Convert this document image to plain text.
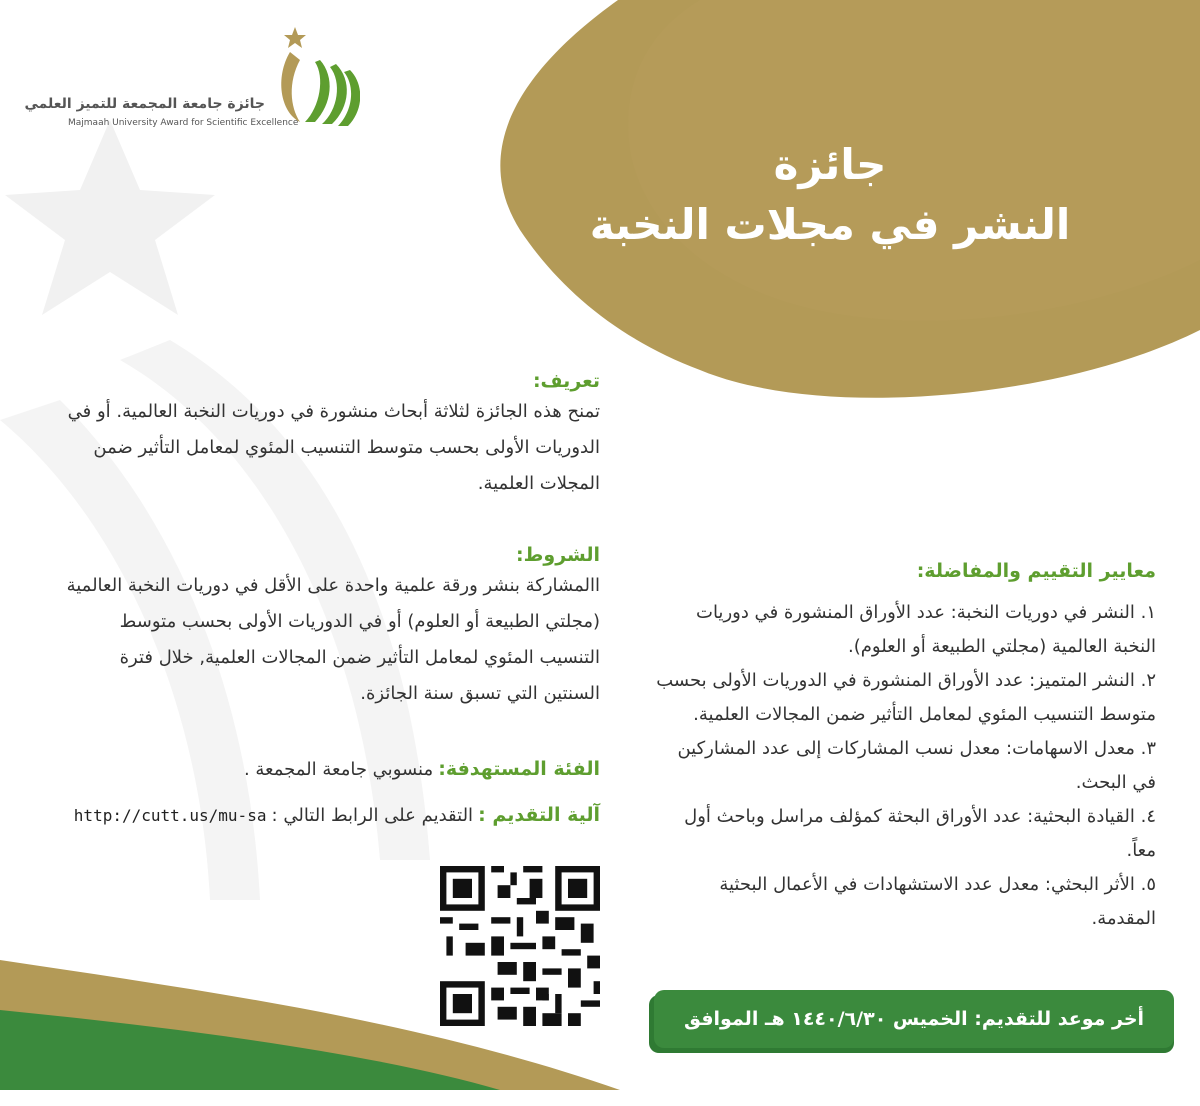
جائزة جامعة المجمعة للتميز العلمي
Majmaah University Award for Scientific Excellence
جائزة
النشر في مجلات النخبة
تعريف:
تمنح هذه الجائزة لثلاثة أبحاث منشورة في دوريات النخبة العالمية. أو في الدوريات الأولى بحسب متوسط التنسيب المئوي لمعامل التأثير ضمن المجلات العلمية.
الشروط:
االمشاركة بنشر ورقة علمية واحدة على الأقل في دوريات النخبة العالمية (مجلتي الطبيعة أو العلوم) أو في الدوريات الأولى بحسب متوسط التنسيب المئوي لمعامل التأثير ضمن المجالات العلمية, خلال فترة السنتين التي تسبق سنة الجائزة.
الفئة المستهدفة: منسوبي جامعة المجمعة .
آلية التقديم : التقديم على الرابط التالي : http://cutt.us/mu-sa
معايير التقييم والمفاضلة:
١. النشر في دوريات النخبة: عدد الأوراق المنشورة في دوريات النخبة العالمية (مجلتي الطبيعة أو العلوم).
٢. النشر المتميز: عدد الأوراق المنشورة في الدوريات الأولى بحسب متوسط التنسيب المئوي لمعامل التأثير ضمن المجالات العلمية.
٣. معدل الاسهامات: معدل نسب المشاركات إلى عدد المشاركين في البحث.
٤. القيادة البحثية: عدد الأوراق البحثة كمؤلف مراسل وباحث أول معاً.
٥. الأثر البحثي: معدل عدد الاستشهادات في الأعمال البحثية المقدمة.
أخر موعد للتقديم: الخميس ١٤٤٠/٦/٣٠ هـ الموافق ٢٠١٩/٣/٧م
